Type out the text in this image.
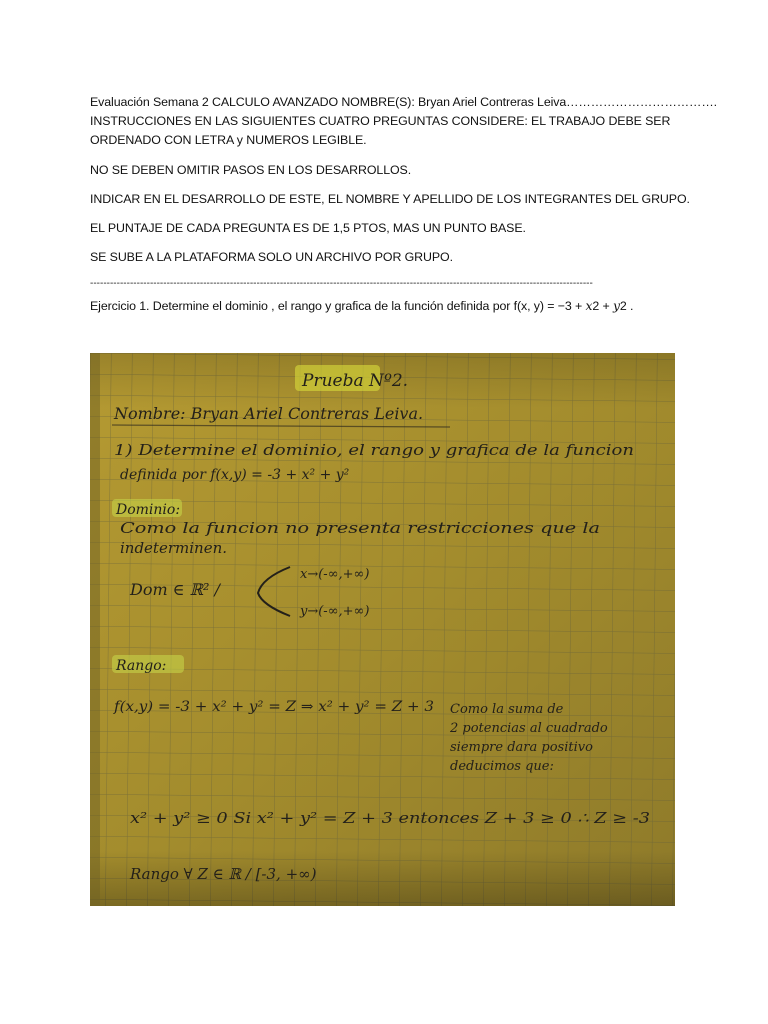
Evaluación Semana 2 CALCULO AVANZADO NOMBRE(S): Bryan Ariel Contreras Leiva……………………………….
INSTRUCCIONES EN LAS SIGUIENTES CUATRO PREGUNTAS CONSIDERE: EL TRABAJO DEBE SER
ORDENADO CON LETRA y NUMEROS LEGIBLE.
NO SE DEBEN OMITIR PASOS EN LOS DESARROLLOS.
INDICAR EN EL DESARROLLO DE ESTE, EL NOMBRE Y APELLIDO DE LOS INTEGRANTES DEL GRUPO.
EL PUNTAJE DE CADA PREGUNTA ES DE 1,5 PTOS, MAS UN PUNTO BASE.
SE SUBE A LA PLATAFORMA SOLO UN ARCHIVO POR GRUPO.
-------------------------------------------------------------------------------------------------------------------------------------------------------
Ejercicio 1. Determine el dominio , el rango y grafica de la función definida por f(x, y) = −3 + x2 + y2 .
Prueba Nº2.
Nombre: Bryan Ariel Contreras Leiva.
1) Determine el dominio, el rango y grafica de la funcion
definida por f(x,y) = -3 + x² + y²
Dominio:
Como la funcion no presenta restricciones que la
indeterminen.
Dom ∈ ℝ² /
x→(-∞,+∞)
y→(-∞,+∞)
Rango:
f(x,y) = -3 + x² + y² = Z ⇒ x² + y² = Z + 3 Como la suma de
2 potencias al cuadrado
siempre dara positivo
deducimos que:
x² + y² ≥ 0 Si x² + y² = Z + 3 entonces Z + 3 ≥ 0 ∴ Z ≥ -3
Rango ∀ Z ∈ ℝ / [-3, +∞)
